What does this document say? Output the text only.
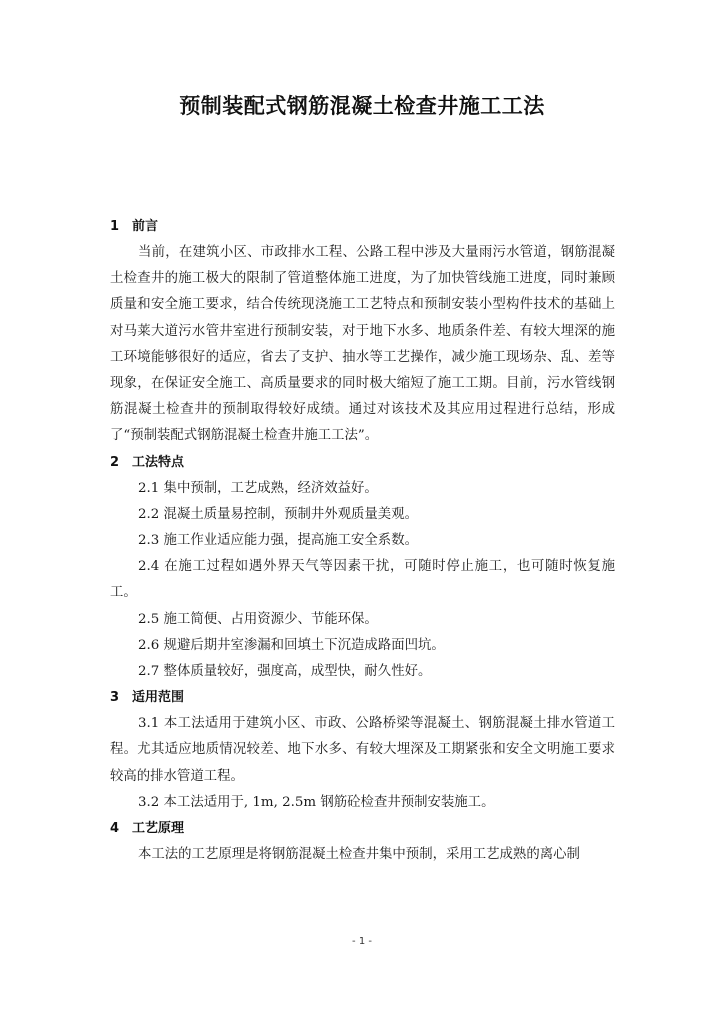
预制装配式钢筋混凝土检查井施工工法
1 前言

当前，在建筑小区、市政排水工程、公路工程中涉及大量雨污水管道，钢筋混凝土检查井的施工极大的限制了管道整体施工进度，为了加快管线施工进度，同时兼顾质量和安全施工要求，结合传统现浇施工工艺特点和预制安装小型构件技术的基础上对马莱大道污水管井室进行预制安装，对于地下水多、地质条件差、有较大埋深的施工环境能够很好的适应，省去了支护、抽水等工艺操作，减少施工现场杂、乱、差等现象，在保证安全施工、高质量要求的同时极大缩短了施工工期。目前，污水管线钢筋混凝土检查井的预制取得较好成绩。通过对该技术及其应用过程进行总结，形成了“预制装配式钢筋混凝土检查井施工工法”。

2 工法特点

2.1 集中预制，工艺成熟，经济效益好。

2.2 混凝土质量易控制，预制井外观质量美观。

2.3 施工作业适应能力强，提高施工安全系数。

2.4 在施工过程如遇外界天气等因素干扰，可随时停止施工，也可随时恢复施工。

2.5 施工简便、占用资源少、节能环保。

2.6 规避后期井室渗漏和回填土下沉造成路面凹坑。

2.7 整体质量较好，强度高，成型快，耐久性好。

3 适用范围

3.1 本工法适用于建筑小区、市政、公路桥梁等混凝土、钢筋混凝土排水管道工程。尤其适应地质情况较差、地下水多、有较大埋深及工期紧张和安全文明施工要求较高的排水管道工程。

3.2 本工法适用于, 1m, 2.5m 钢筋砼检查井预制安装施工。

4 工艺原理

本工法的工艺原理是将钢筋混凝土检查井集中预制，采用工艺成熟的离心制

- 1 -
